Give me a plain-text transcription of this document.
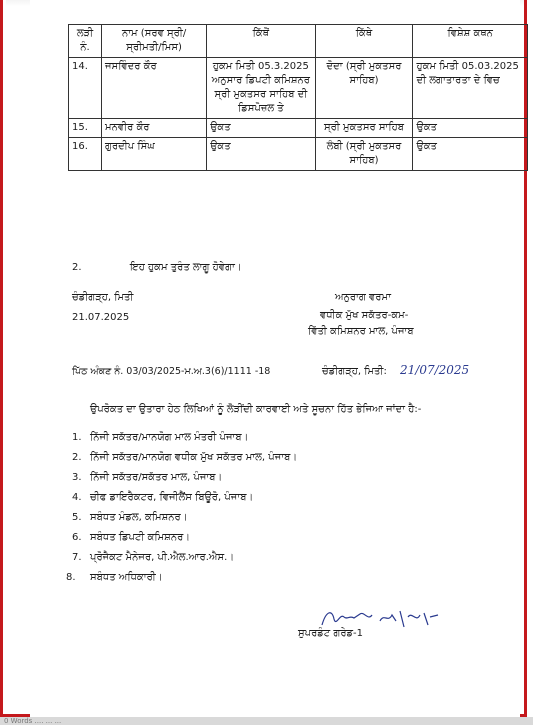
ਲੜੀ ਨੰ.	ਨਾਮ (ਸਰਵ ਸ੍ਰੀ/ਸ੍ਰੀਮਤੀ/ਮਿਸ)	ਕਿੱਥੋਂ	ਕਿੱਥੇ	ਵਿਸ਼ੇਸ਼ ਕਥਨ
14.	ਜਸਵਿੰਦਰ ਕੌਰ	ਹੁਕਮ ਮਿਤੀ 05.3.2025 ਅਨੁਸਾਰ ਡਿਪਟੀ ਕਮਿਸ਼ਨਰ ਸ੍ਰੀ ਮੁਕਤਸਰ ਸਾਹਿਬ ਦੀ ਡਿਸਪੋਜ਼ਲ ਤੇ	ਦੋਦਾ (ਸ੍ਰੀ ਮੁਕਤਸਰ ਸਾਹਿਬ)	ਹੁਕਮ ਮਿਤੀ 05.03.2025 ਦੀ ਲਗਾਤਾਰਤਾ ਦੇ ਵਿਚ
15.	ਮਨਵੀਰ ਕੌਰ	ਉਕਤ	ਸ੍ਰੀ ਮੁਕਤਸਰ ਸਾਹਿਬ	ਉਕਤ
16.	ਗੁਰਦੀਪ ਸਿੰਘ	ਉਕਤ	ਲੰਬੀ (ਸ੍ਰੀ ਮੁਕਤਸਰ ਸਾਹਿਬ)	ਉਕਤ
2.	ਇਹ ਹੁਕਮ ਤੁਰੰਤ ਲਾਗੂ ਹੋਵੇਗਾ।
ਚੰਡੀਗੜ੍ਹ, ਮਿਤੀ
21.07.2025
ਅਨੁਰਾਗ ਵਰਮਾ
ਵਧੀਕ ਮੁੱਖ ਸਕੱਤਰ-ਕਮ-
ਵਿੱਤੀ ਕਮਿਸ਼ਨਰ ਮਾਲ, ਪੰਜਾਬ
ਪਿੱਠ ਅੰਕਣ ਨੰ. 03/03/2025-ਮ.ਅ.3(6)/1111 -18	ਚੰਡੀਗੜ੍ਹ, ਮਿਤੀ: 21/07/2025
ਉਪਰੋਕਤ ਦਾ ਉਤਾਰਾ ਹੇਠ ਲਿਖਿਆਂ ਨੂੰ ਲੋੜੀਂਦੀ ਕਾਰਵਾਈ ਅਤੇ ਸੂਚਨਾ ਹਿੱਤ ਭੇਜਿਆ ਜਾਂਦਾ ਹੈ:-
1. ਨਿੱਜੀ ਸਕੱਤਰ/ਮਾਨਯੋਗ ਮਾਲ ਮੰਤਰੀ ਪੰਜਾਬ।
2. ਨਿੱਜੀ ਸਕੱਤਰ/ਮਾਨਯੋਗ ਵਧੀਕ ਮੁੱਖ ਸਕੱਤਰ ਮਾਲ, ਪੰਜਾਬ।
3. ਨਿੱਜੀ ਸਕੱਤਰ/ਸਕੱਤਰ ਮਾਲ, ਪੰਜਾਬ।
4. ਚੀਫ ਡਾਇਰੈਕਟਰ, ਵਿਜੀਲੈਂਸ ਬਿਊਰੋ, ਪੰਜਾਬ।
5. ਸਬੰਧਤ ਮੰਡਲ, ਕਮਿਸ਼ਨਰ।
6. ਸਬੰਧਤ ਡਿਪਟੀ ਕਮਿਸ਼ਨਰ।
7. ਪ੍ਰੋਜੈਕਟ ਮੈਨੇਜਰ, ਪੀ.ਐਲ.ਆਰ.ਐਸ.।
8. ਸਬੰਧਤ ਅਧਿਕਾਰੀ।
ਸੁਪਰਡੰਟ ਗਰੇਡ-1
0 Words .... ... ...
